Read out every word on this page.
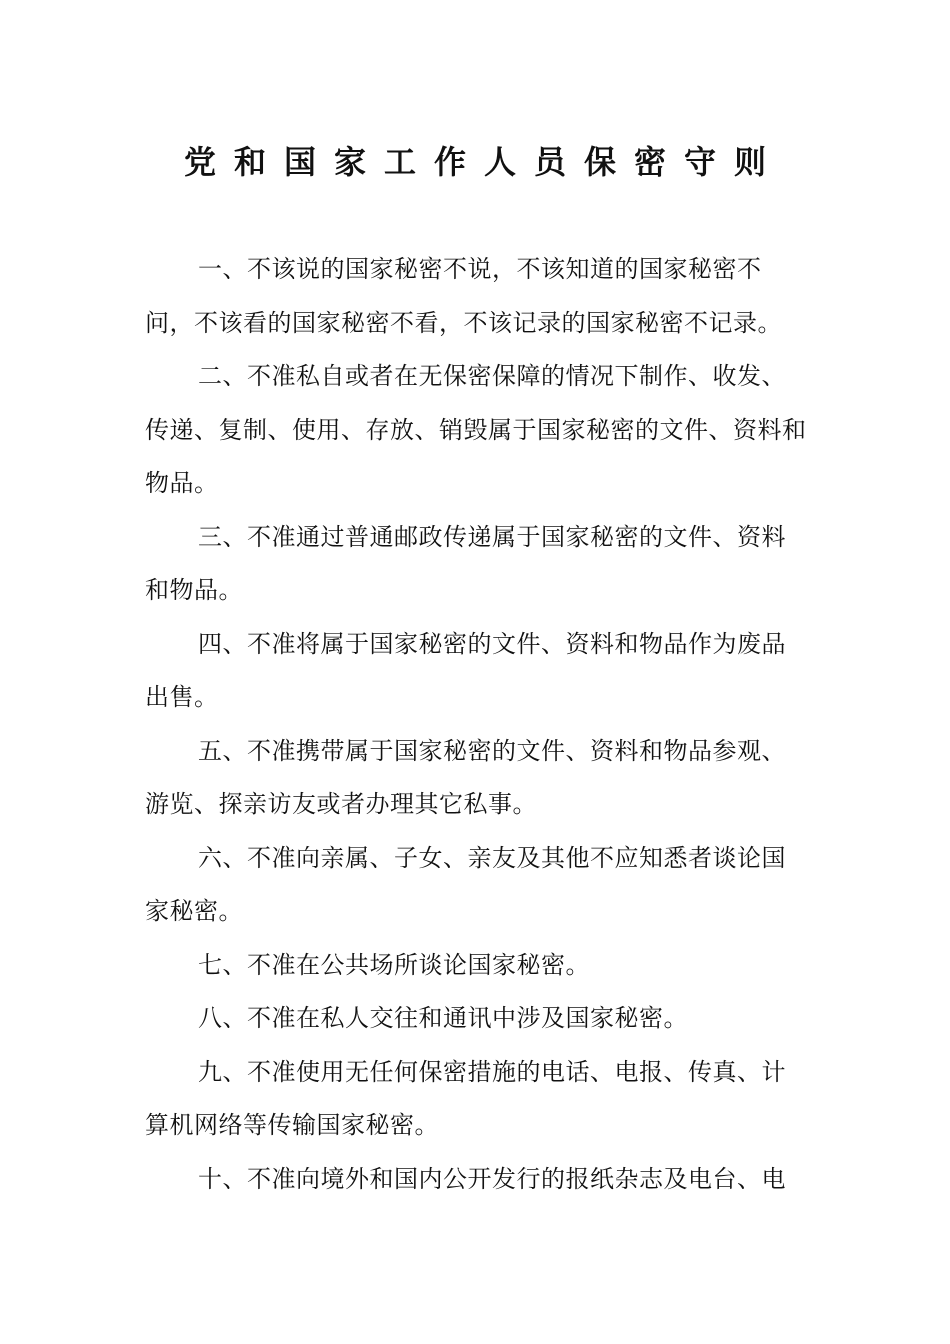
党和国家工作人员保密守则

一、不该说的国家秘密不说，不该知道的国家秘密不问，不该看的国家秘密不看，不该记录的国家秘密不记录。

二、不准私自或者在无保密保障的情况下制作、收发、传递、复制、使用、存放、销毁属于国家秘密的文件、资料和物品。

三、不准通过普通邮政传递属于国家秘密的文件、资料和物品。

四、不准将属于国家秘密的文件、资料和物品作为废品出售。

五、不准携带属于国家秘密的文件、资料和物品参观、游览、探亲访友或者办理其它私事。

六、不准向亲属、子女、亲友及其他不应知悉者谈论国家秘密。

七、不准在公共场所谈论国家秘密。

八、不准在私人交往和通讯中涉及国家秘密。

九、不准使用无任何保密措施的电话、电报、传真、计算机网络等传输国家秘密。

十、不准向境外和国内公开发行的报纸杂志及电台、电
